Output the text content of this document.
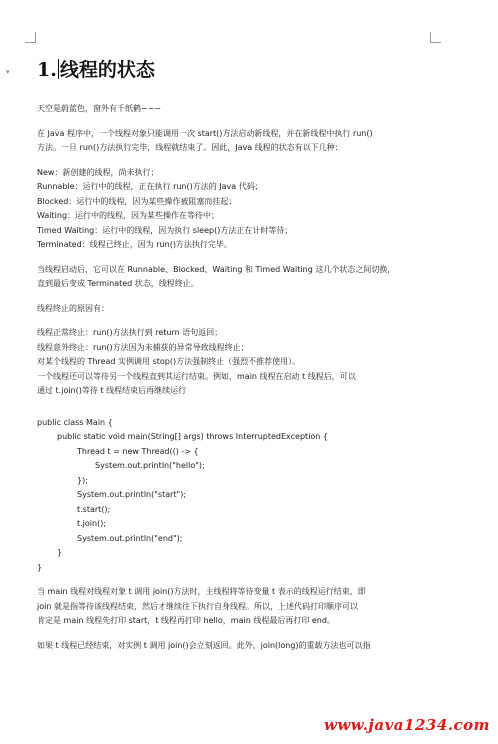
▾ 1. 线程的状态

天空是蔚蓝色，窗外有千纸鹤~~~

在 Java 程序中，一个线程对象只能调用一次 start()方法启动新线程，并在新线程中执行 run()

方法。一旦 run()方法执行完毕，线程就结束了。因此，Java 线程的状态有以下几种：

New：新创建的线程，尚未执行；

Runnable：运行中的线程，正在执行 run()方法的 Java 代码；

Blocked：运行中的线程，因为某些操作被阻塞而挂起；

Waiting：运行中的线程，因为某些操作在等待中；

Timed Waiting：运行中的线程，因为执行 sleep()方法正在计时等待；

Terminated：线程已终止，因为 run()方法执行完毕。

当线程启动后，它可以在 Runnable、Blocked、Waiting 和 Timed Waiting 这几个状态之间切换，

直到最后变成 Terminated 状态，线程终止。

线程终止的原因有：

线程正常终止：run()方法执行到 return 语句返回；

线程意外终止：run()方法因为未捕获的异常导致线程终止；

对某个线程的 Thread 实例调用 stop()方法强制终止（强烈不推荐使用）。

一个线程还可以等待另一个线程直到其运行结束。例如，main 线程在启动 t 线程后，可以

通过 t.join()等待 t 线程结束后再继续运行

public class Main {

public static void main(String[] args) throws InterruptedException {

Thread t = new Thread(() -> {

System.out.println("hello");

});

System.out.println("start");

t.start();

t.join();

System.out.println("end");

}

}

当 main 线程对线程对象 t 调用 join()方法时，主线程将等待变量 t 表示的线程运行结束，即

join 就是指等待该线程结束，然后才继续往下执行自身线程。所以，上述代码打印顺序可以

肯定是 main 线程先打印 start，t 线程再打印 hello，main 线程最后再打印 end。

如果 t 线程已经结束，对实例 t 调用 join()会立刻返回。此外，join(long)的重载方法也可以指

www.java1234.com
